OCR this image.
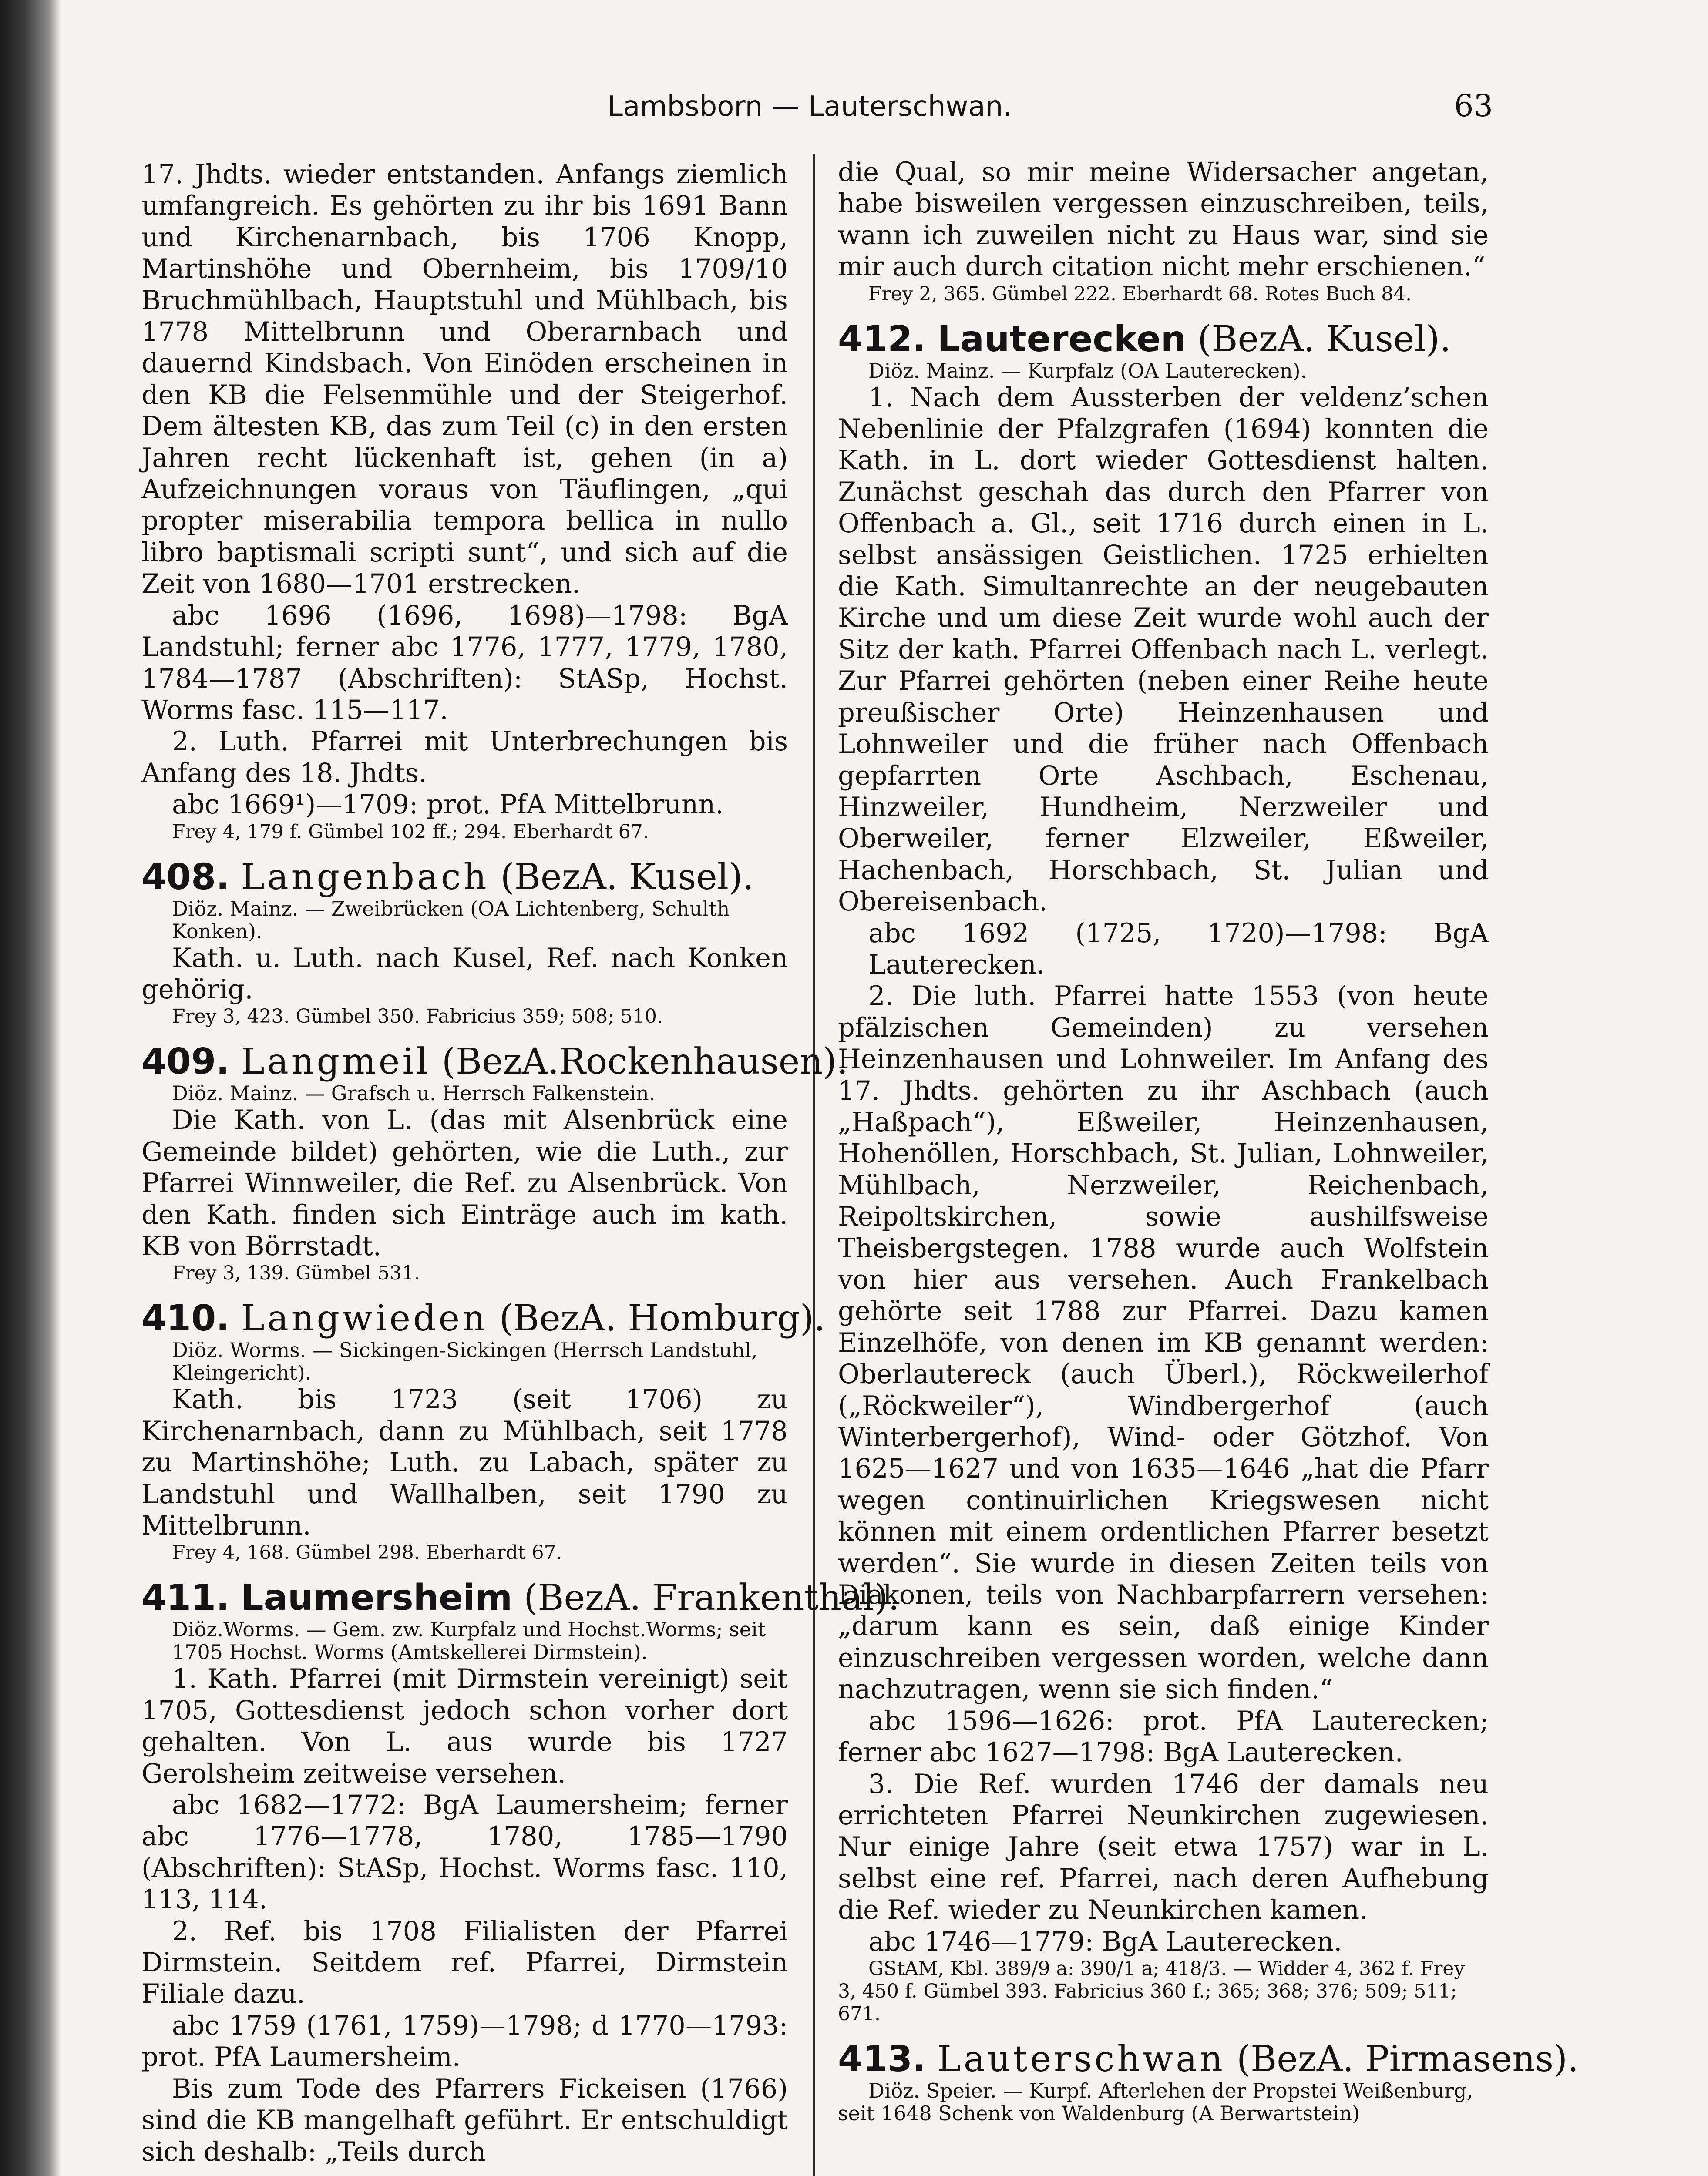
Lambsborn — Lauterschwan.	63

17. Jhdts. wieder entstanden. Anfangs ziemlich umfangreich. Es gehörten zu ihr bis 1691 Bann und Kirchenarnbach, bis 1706 Knopp, Martinshöhe und Obernheim, bis 1709/10 Bruchmühlbach, Hauptstuhl und Mühlbach, bis 1778 Mittelbrunn und Oberarnbach und dauernd Kindsbach. Von Einöden erscheinen in den KB die Felsenmühle und der Steigerhof. Dem ältesten KB, das zum Teil (c) in den ersten Jahren recht lückenhaft ist, gehen (in a) Aufzeichnungen voraus von Täuflingen, „qui propter miserabilia tempora bellica in nullo libro baptismali scripti sunt“, und sich auf die Zeit von 1680—1701 erstrecken.

abc 1696 (1696, 1698)—1798: BgA Landstuhl; ferner abc 1776, 1777, 1779, 1780, 1784—1787 (Abschriften): StASp, Hochst. Worms fasc. 115—117.

2. Luth. Pfarrei mit Unterbrechungen bis Anfang des 18. Jhdts.

abc 1669¹)—1709: prot. PfA Mittelbrunn.

Frey 4, 179 f. Gümbel 102 ff.; 294. Eberhardt 67.

408. Langenbach (BezA. Kusel).

Diöz. Mainz. — Zweibrücken (OA Lichtenberg, Schulth Konken).

Kath. u. Luth. nach Kusel, Ref. nach Konken gehörig.

Frey 3, 423. Gümbel 350. Fabricius 359; 508; 510.

409. Langmeil (BezA.Rockenhausen).

Diöz. Mainz. — Grafsch u. Herrsch Falkenstein.

Die Kath. von L. (das mit Alsenbrück eine Gemeinde bildet) gehörten, wie die Luth., zur Pfarrei Winnweiler, die Ref. zu Alsenbrück. Von den Kath. finden sich Einträge auch im kath. KB von Börrstadt.

Frey 3, 139. Gümbel 531.

410. Langwieden (BezA. Homburg).

Diöz. Worms. — Sickingen-Sickingen (Herrsch Landstuhl, Kleingericht).

Kath. bis 1723 (seit 1706) zu Kirchenarnbach, dann zu Mühlbach, seit 1778 zu Martinshöhe; Luth. zu Labach, später zu Landstuhl und Wallhalben, seit 1790 zu Mittelbrunn.

Frey 4, 168. Gümbel 298. Eberhardt 67.

411. Laumersheim (BezA. Frankenthal).

Diöz.Worms. — Gem. zw. Kurpfalz und Hochst.Worms; seit 1705 Hochst. Worms (Amtskellerei Dirmstein).

1. Kath. Pfarrei (mit Dirmstein vereinigt) seit 1705, Gottesdienst jedoch schon vorher dort gehalten. Von L. aus wurde bis 1727 Gerolsheim zeitweise versehen.

abc 1682—1772: BgA Laumersheim; ferner abc 1776—1778, 1780, 1785—1790 (Abschriften): StASp, Hochst. Worms fasc. 110, 113, 114.

2. Ref. bis 1708 Filialisten der Pfarrei Dirmstein. Seitdem ref. Pfarrei, Dirmstein Filiale dazu.

abc 1759 (1761, 1759)—1798; d 1770—1793: prot. PfA Laumersheim.

Bis zum Tode des Pfarrers Fickeisen (1766) sind die KB mangelhaft geführt. Er entschuldigt sich deshalb: „Teils durch

die Qual, so mir meine Widersacher angetan, habe bisweilen vergessen einzuschreiben, teils, wann ich zuweilen nicht zu Haus war, sind sie mir auch durch citation nicht mehr erschienen.“

Frey 2, 365. Gümbel 222. Eberhardt 68. Rotes Buch 84.

412. Lauterecken (BezA. Kusel).

Diöz. Mainz. — Kurpfalz (OA Lauterecken).

1. Nach dem Aussterben der veldenz’schen Nebenlinie der Pfalzgrafen (1694) konnten die Kath. in L. dort wieder Gottesdienst halten. Zunächst geschah das durch den Pfarrer von Offenbach a. Gl., seit 1716 durch einen in L. selbst ansässigen Geistlichen. 1725 erhielten die Kath. Simultanrechte an der neugebauten Kirche und um diese Zeit wurde wohl auch der Sitz der kath. Pfarrei Offenbach nach L. verlegt. Zur Pfarrei gehörten (neben einer Reihe heute preußischer Orte) Heinzenhausen und Lohnweiler und die früher nach Offenbach gepfarrten Orte Aschbach, Eschenau, Hinzweiler, Hundheim, Nerzweiler und Oberweiler, ferner Elzweiler, Eßweiler, Hachenbach, Horschbach, St. Julian und Obereisenbach.

abc 1692 (1725, 1720)—1798: BgA Lauterecken.

2. Die luth. Pfarrei hatte 1553 (von heute pfälzischen Gemeinden) zu versehen Heinzenhausen und Lohnweiler. Im Anfang des 17. Jhdts. gehörten zu ihr Aschbach (auch „Haßpach“), Eßweiler, Heinzenhausen, Hohenöllen, Horschbach, St. Julian, Lohnweiler, Mühlbach, Nerzweiler, Reichenbach, Reipoltskirchen, sowie aushilfsweise Theisbergstegen. 1788 wurde auch Wolfstein von hier aus versehen. Auch Frankelbach gehörte seit 1788 zur Pfarrei. Dazu kamen Einzelhöfe, von denen im KB genannt werden: Oberlautereck (auch Überl.), Röckweilerhof („Röckweiler“), Windbergerhof (auch Winterbergerhof), Wind- oder Götzhof. Von 1625—1627 und von 1635—1646 „hat die Pfarr wegen continuirlichen Kriegswesen nicht können mit einem ordentlichen Pfarrer besetzt werden“. Sie wurde in diesen Zeiten teils von Diakonen, teils von Nachbarpfarrern versehen: „darum kann es sein, daß einige Kinder einzuschreiben vergessen worden, welche dann nachzutragen, wenn sie sich finden.“

abc 1596—1626: prot. PfA Lauterecken; ferner abc 1627—1798: BgA Lauterecken.

3. Die Ref. wurden 1746 der damals neu errichteten Pfarrei Neunkirchen zugewiesen. Nur einige Jahre (seit etwa 1757) war in L. selbst eine ref. Pfarrei, nach deren Aufhebung die Ref. wieder zu Neunkirchen kamen.

abc 1746—1779: BgA Lauterecken.

GStAM, Kbl. 389/9 a: 390/1 a; 418/3. — Widder 4, 362 f. Frey 3, 450 f. Gümbel 393. Fabricius 360 f.; 365; 368; 376; 509; 511; 671.

413. Lauterschwan (BezA. Pirmasens).

Diöz. Speier. — Kurpf. Afterlehen der Propstei Weißenburg, seit 1648 Schenk von Waldenburg (A Berwartstein)
